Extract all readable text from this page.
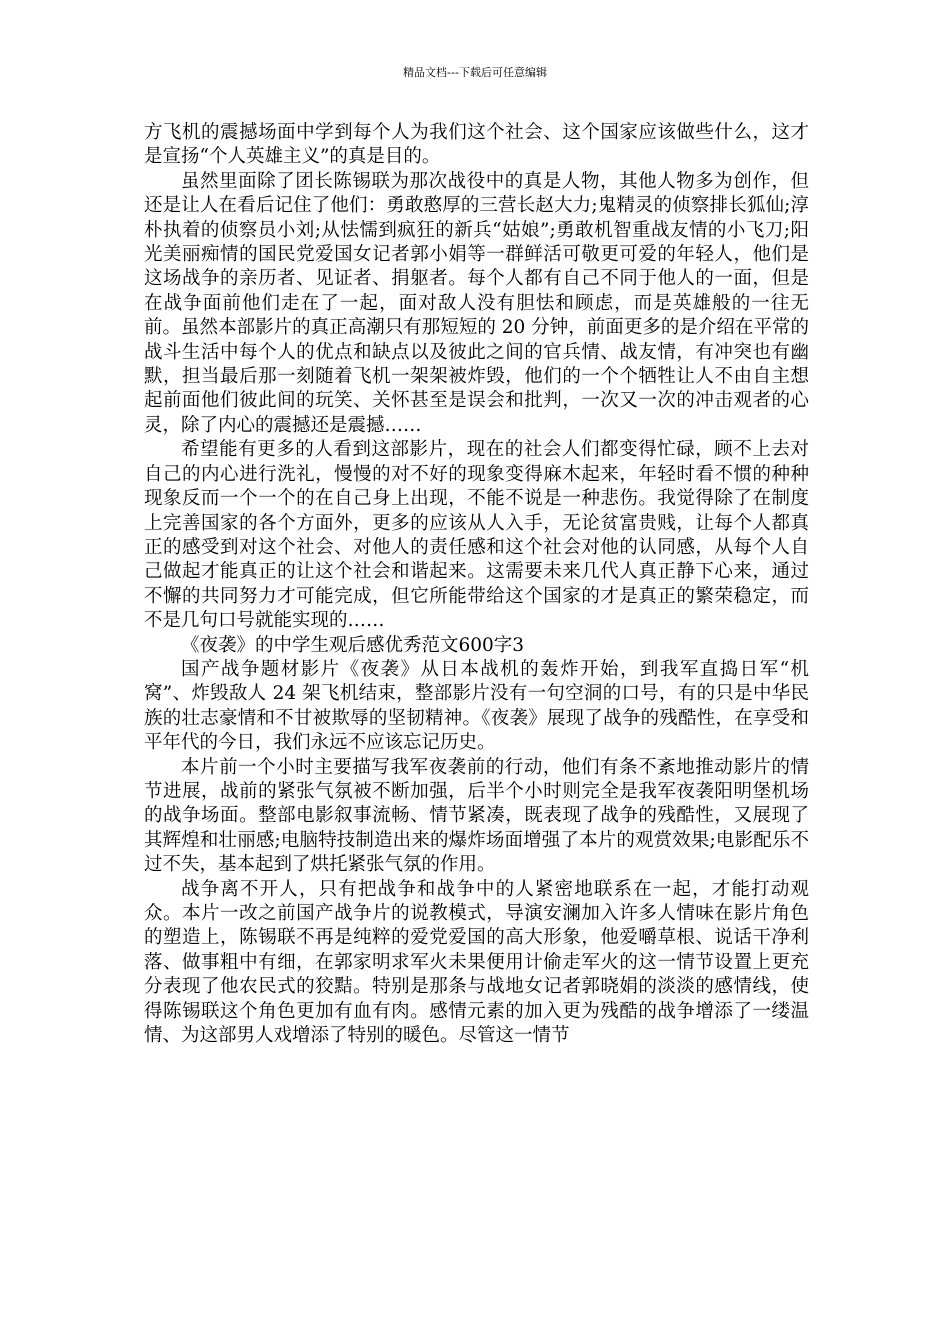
精品文档---下载后可任意编辑

方飞机的震撼场面中学到每个人为我们这个社会、这个国家应该做些什么，这才是宣扬“个人英雄主义”的真是目的。

虽然里面除了团长陈锡联为那次战役中的真是人物，其他人物多为创作，但还是让人在看后记住了他们：勇敢憨厚的三营长赵大力;鬼精灵的侦察排长狐仙;淳朴执着的侦察员小刘;从怯懦到疯狂的新兵“姑娘”;勇敢机智重战友情的小飞刀;阳光美丽痴情的国民党爱国女记者郭小娟等一群鲜活可敬更可爱的年轻人，他们是这场战争的亲历者、见证者、捐躯者。每个人都有自己不同于他人的一面，但是在战争面前他们走在了一起，面对敌人没有胆怯和顾虑，而是英雄般的一往无前。虽然本部影片的真正高潮只有那短短的 20 分钟，前面更多的是介绍在平常的战斗生活中每个人的优点和缺点以及彼此之间的官兵情、战友情，有冲突也有幽默，担当最后那一刻随着飞机一架架被炸毁，他们的一个个牺牲让人不由自主想起前面他们彼此间的玩笑、关怀甚至是误会和批判，一次又一次的冲击观者的心灵，除了内心的震撼还是震撼……

希望能有更多的人看到这部影片，现在的社会人们都变得忙碌，顾不上去对自己的内心进行洗礼，慢慢的对不好的现象变得麻木起来，年轻时看不惯的种种现象反而一个一个的在自己身上出现，不能不说是一种悲伤。我觉得除了在制度上完善国家的各个方面外，更多的应该从人入手，无论贫富贵贱，让每个人都真正的感受到对这个社会、对他人的责任感和这个社会对他的认同感，从每个人自己做起才能真正的让这个社会和谐起来。这需要未来几代人真正静下心来，通过不懈的共同努力才可能完成，但它所能带给这个国家的才是真正的繁荣稳定，而不是几句口号就能实现的……

《夜袭》的中学生观后感优秀范文600字3

国产战争题材影片《夜袭》从日本战机的轰炸开始，到我军直捣日军“机窝”、炸毁敌人 24 架飞机结束，整部影片没有一句空洞的口号，有的只是中华民族的壮志豪情和不甘被欺辱的坚韧精神。《夜袭》展现了战争的残酷性，在享受和平年代的今日，我们永远不应该忘记历史。

本片前一个小时主要描写我军夜袭前的行动，他们有条不紊地推动影片的情节进展，战前的紧张气氛被不断加强，后半个小时则完全是我军夜袭阳明堡机场的战争场面。整部电影叙事流畅、情节紧凑，既表现了战争的残酷性，又展现了其辉煌和壮丽感;电脑特技制造出来的爆炸场面增强了本片的观赏效果;电影配乐不过不失，基本起到了烘托紧张气氛的作用。

战争离不开人，只有把战争和战争中的人紧密地联系在一起，才能打动观众。本片一改之前国产战争片的说教模式，导演安澜加入许多人情味在影片角色的塑造上，陈锡联不再是纯粹的爱党爱国的高大形象，他爱嚼草根、说话干净利落、做事粗中有细，在郭家明求军火未果便用计偷走军火的这一情节设置上更充分表现了他农民式的狡黠。特别是那条与战地女记者郭晓娟的淡淡的感情线，使得陈锡联这个角色更加有血有肉。感情元素的加入更为残酷的战争增添了一缕温情、为这部男人戏增添了特别的暖色。尽管这一情节
